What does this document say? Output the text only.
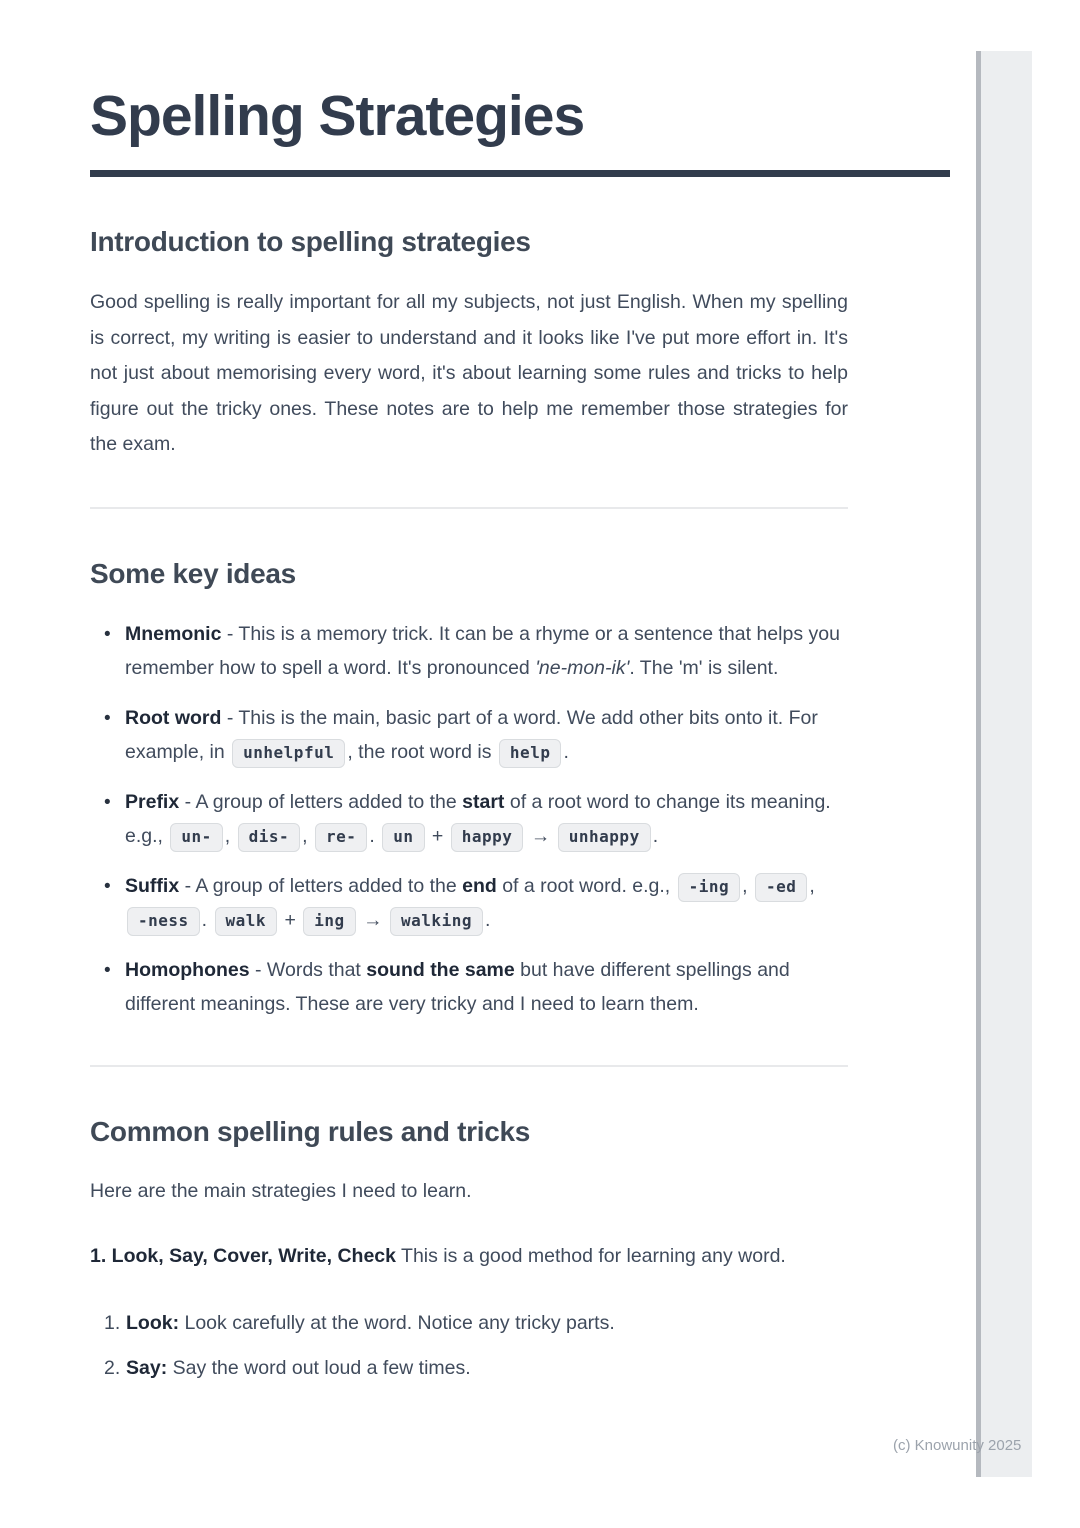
Spelling Strategies
Introduction to spelling strategies

Good spelling is really important for all my subjects, not just English. When my spelling is correct, my writing is easier to understand and it looks like I've put more effort in. It's not just about memorising every word, it's about learning some rules and tricks to help figure out the tricky ones. These notes are to help me remember those strategies for the exam.

Some key ideas
• Mnemonic - This is a memory trick. It can be a rhyme or a sentence that helps you remember how to spell a word. It's pronounced 'ne-mon-ik'. The 'm' is silent.
• Root word - This is the main, basic part of a word. We add other bits onto it. For example, in unhelpful , the root word is help .
• Prefix - A group of letters added to the start of a root word to change its meaning. e.g., un- , dis- , re- . un + happy → unhappy .
• Suffix - A group of letters added to the end of a root word. e.g., -ing , -ed , -ness . walk + ing → walking .
• Homophones - Words that sound the same but have different spellings and different meanings. These are very tricky and I need to learn them.
Common spelling rules and tricks

Here are the main strategies I need to learn.

1. Look, Say, Cover, Write, Check This is a good method for learning any word.

Look: Look carefully at the word. Notice any tricky parts.
Say: Say the word out loud a few times.
(c) Knowunity 2025
